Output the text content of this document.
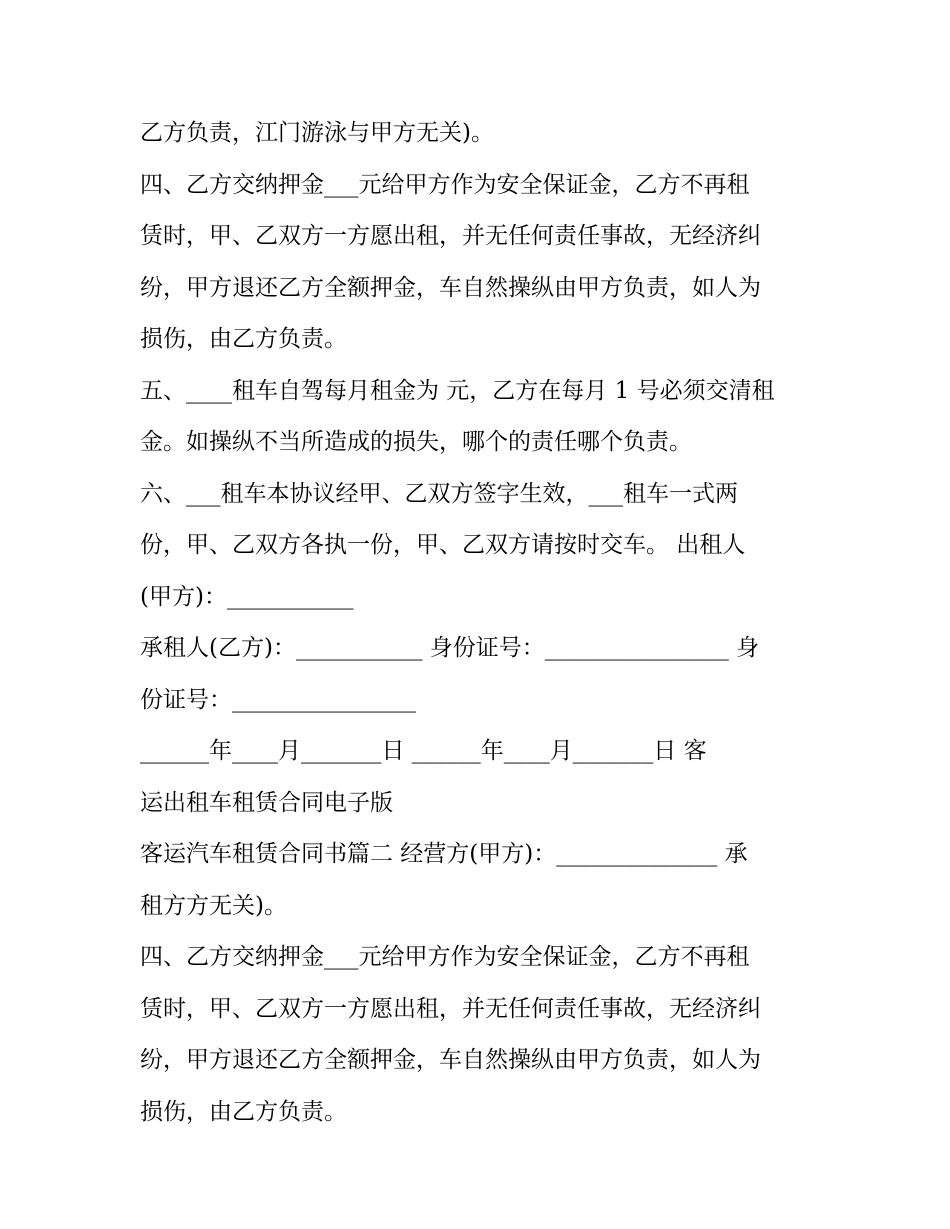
乙方负责，江门游泳与甲方无关)。
四、乙方交纳押金___元给甲方作为安全保证金，乙方不再租
赁时，甲、乙双方一方愿出租，并无任何责任事故，无经济纠
纷，甲方退还乙方全额押金，车自然操纵由甲方负责，如人为
损伤，由乙方负责。
五、____租车自驾每月租金为 元，乙方在每月 1 号必须交清租
金。如操纵不当所造成的损失，哪个的责任哪个负责。
六、___租车本协议经甲、乙双方签字生效，___租车一式两
份，甲、乙双方各执一份，甲、乙双方请按时交车。 出租人
(甲方)：___________
承租人(乙方)：___________ 身份证号：________________ 身
份证号：________________
______年____月_______日 ______年____月_______日 客
运出租车租赁合同电子版
客运汽车租赁合同书篇二 经营方(甲方)：______________ 承
租方方无关)。
四、乙方交纳押金___元给甲方作为安全保证金，乙方不再租
赁时，甲、乙双方一方愿出租，并无任何责任事故，无经济纠
纷，甲方退还乙方全额押金，车自然操纵由甲方负责，如人为
损伤，由乙方负责。
